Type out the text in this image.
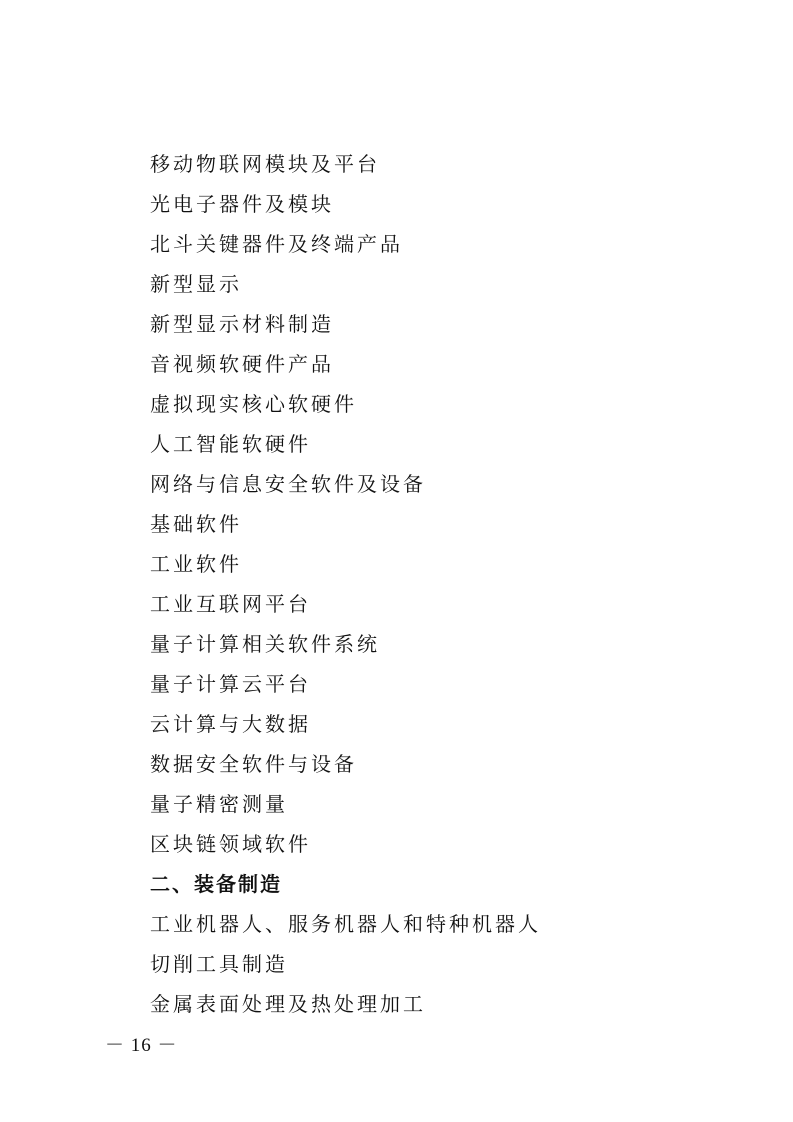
移动物联网模块及平台
光电子器件及模块
北斗关键器件及终端产品
新型显示
新型显示材料制造
音视频软硬件产品
虚拟现实核心软硬件
人工智能软硬件
网络与信息安全软件及设备
基础软件
工业软件
工业互联网平台
量子计算相关软件系统
量子计算云平台
云计算与大数据
数据安全软件与设备
量子精密测量
区块链领域软件
二、装备制造
工业机器人、服务机器人和特种机器人
切削工具制造
金属表面处理及热处理加工
－ 16 －
